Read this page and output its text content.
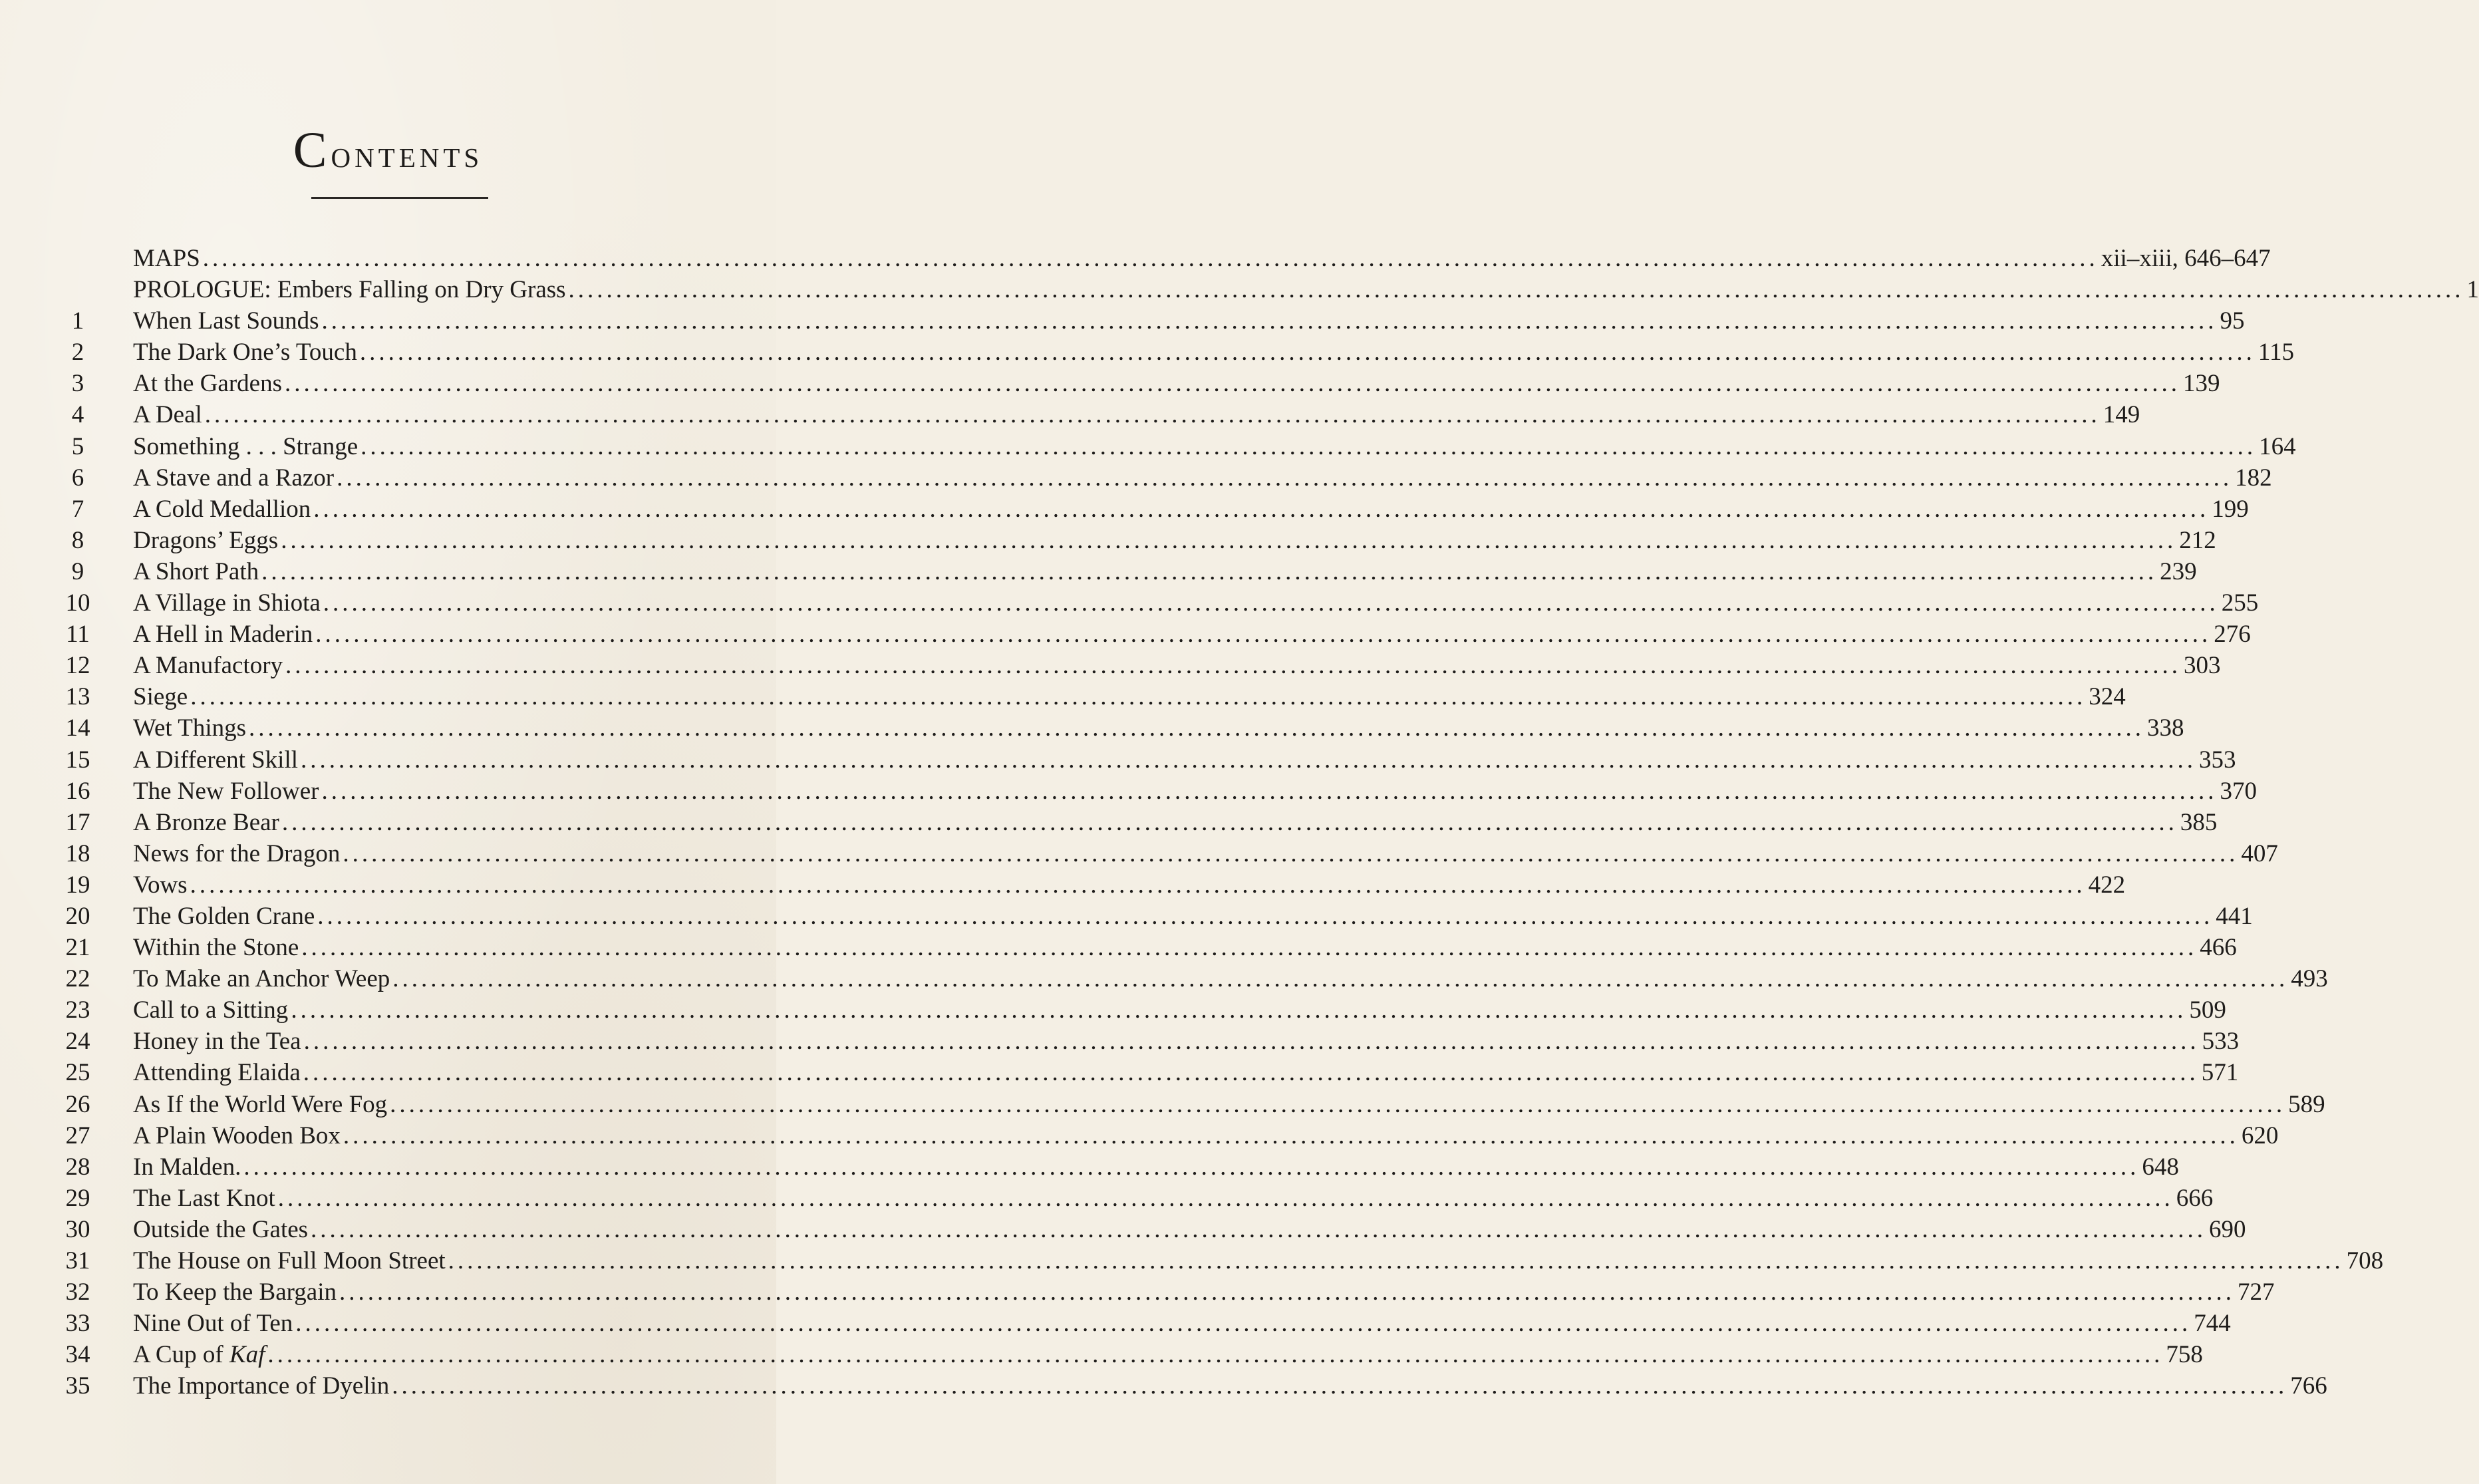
Contents
MAPS ........................................................................................................................................................................................................ xii–xiii, 646–647
PROLOGUE: Embers Falling on Dry Grass ........................................................................................................................................................................................................ 1
1	When Last Sounds ........................................................................................................................................................................................................ 95
2	The Dark One’s Touch ........................................................................................................................................................................................................ 115
3	At the Gardens ........................................................................................................................................................................................................ 139
4	A Deal ........................................................................................................................................................................................................ 149
5	Something . . . Strange ........................................................................................................................................................................................................ 164
6	A Stave and a Razor ........................................................................................................................................................................................................ 182
7	A Cold Medallion ........................................................................................................................................................................................................ 199
8	Dragons’ Eggs ........................................................................................................................................................................................................ 212
9	A Short Path ........................................................................................................................................................................................................ 239
10 A Village in Shiota ........................................................................................................................................................................................................ 255
11 A Hell in Maderin ........................................................................................................................................................................................................ 276
12 A Manufactory ........................................................................................................................................................................................................ 303
13 Siege ........................................................................................................................................................................................................ 324
14 Wet Things ........................................................................................................................................................................................................ 338
15 A Different Skill ........................................................................................................................................................................................................ 353
16 The New Follower ........................................................................................................................................................................................................ 370
17 A Bronze Bear ........................................................................................................................................................................................................ 385
18 News for the Dragon ........................................................................................................................................................................................................ 407
19 Vows ........................................................................................................................................................................................................ 422
20 The Golden Crane ........................................................................................................................................................................................................ 441
21 Within the Stone ........................................................................................................................................................................................................ 466
22 To Make an Anchor Weep ........................................................................................................................................................................................................ 493
23 Call to a Sitting ........................................................................................................................................................................................................ 509
24 Honey in the Tea ........................................................................................................................................................................................................ 533
25 Attending Elaida ........................................................................................................................................................................................................ 571
26 As If the World Were Fog ........................................................................................................................................................................................................ 589
27 A Plain Wooden Box ........................................................................................................................................................................................................ 620
28 In Malden. ........................................................................................................................................................................................................ 648
29 The Last Knot ........................................................................................................................................................................................................ 666
30 Outside the Gates ........................................................................................................................................................................................................ 690
31 The House on Full Moon Street ........................................................................................................................................................................................................ 708
32 To Keep the Bargain ........................................................................................................................................................................................................ 727
33 Nine Out of Ten ........................................................................................................................................................................................................ 744
34 A Cup of Kaf ........................................................................................................................................................................................................ 758
35 The Importance of Dyelin ........................................................................................................................................................................................................ 766
